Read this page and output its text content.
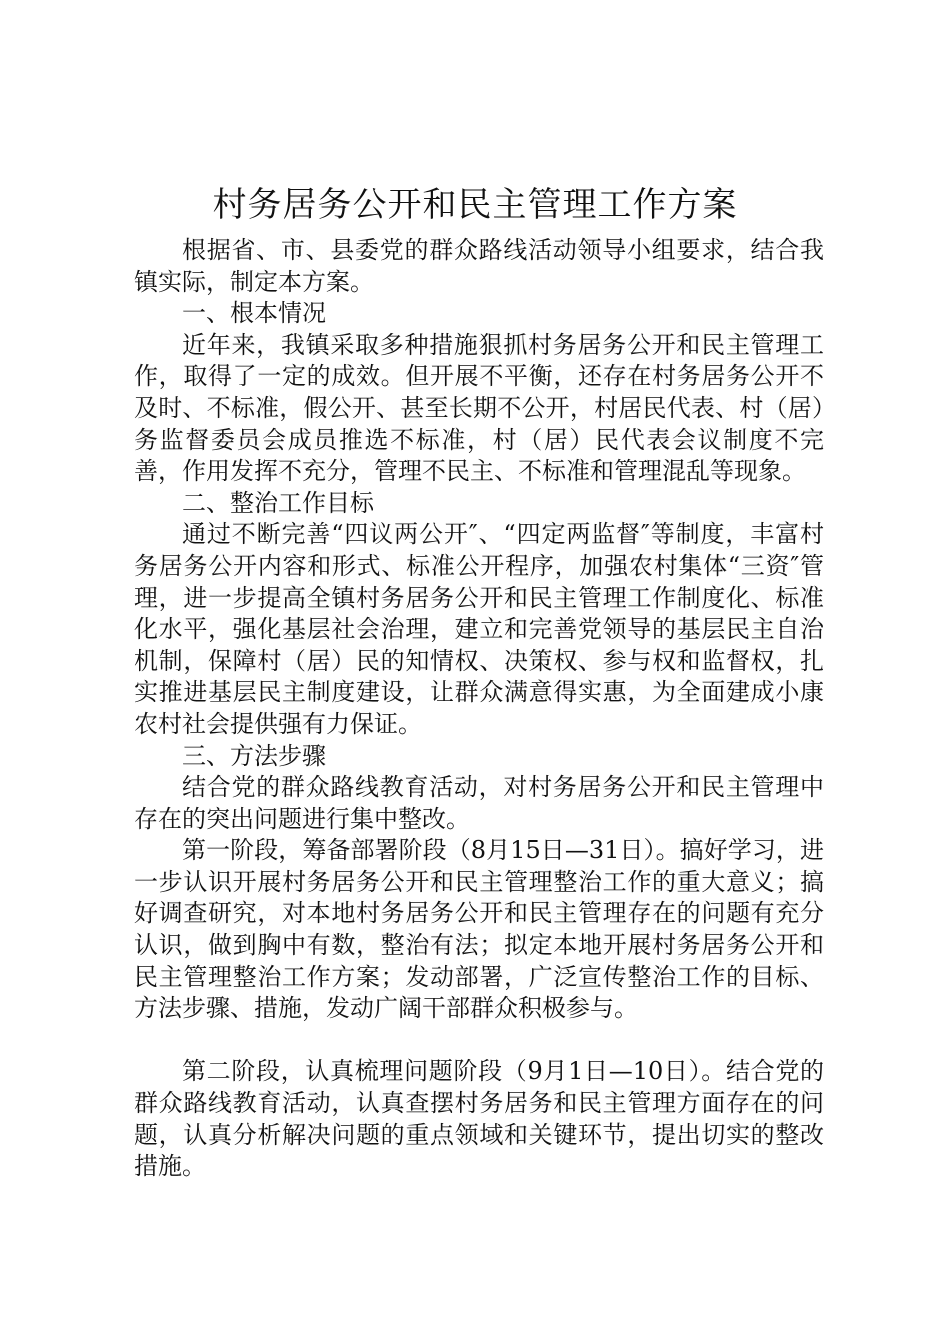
村务居务公开和民主管理工作方案

根据省、市、县委党的群众路线活动领导小组要求，结合我镇实际，制定本方案。

一、根本情况

近年来，我镇采取多种措施狠抓村务居务公开和民主管理工作，取得了一定的成效。但开展不平衡，还存在村务居务公开不及时、不标准，假公开、甚至长期不公开，村居民代表、村（居）务监督委员会成员推选不标准，村（居）民代表会议制度不完善，作用发挥不充分，管理不民主、不标准和管理混乱等现象。

二、整治工作目标

通过不断完善“四议两公开″、“四定两监督″等制度，丰富村务居务公开内容和形式、标准公开程序，加强农村集体“三资″管理，进一步提高全镇村务居务公开和民主管理工作制度化、标准化水平，强化基层社会治理，建立和完善党领导的基层民主自治机制，保障村（居）民的知情权、决策权、参与权和监督权，扎实推进基层民主制度建设，让群众满意得实惠，为全面建成小康农村社会提供强有力保证。

三、方法步骤

结合党的群众路线教育活动，对村务居务公开和民主管理中存在的突出问题进行集中整改。

第一阶段，筹备部署阶段（8月15日—31日）。搞好学习，进一步认识开展村务居务公开和民主管理整治工作的重大意义；搞好调查研究，对本地村务居务公开和民主管理存在的问题有充分认识，做到胸中有数，整治有法；拟定本地开展村务居务公开和民主管理整治工作方案；发动部署，广泛宣传整治工作的目标、方法步骤、措施，发动广阔干部群众积极参与。

第二阶段，认真梳理问题阶段（9月1日—10日）。结合党的群众路线教育活动，认真查摆村务居务和民主管理方面存在的问题，认真分析解决问题的重点领域和关键环节，提出切实的整改措施。
